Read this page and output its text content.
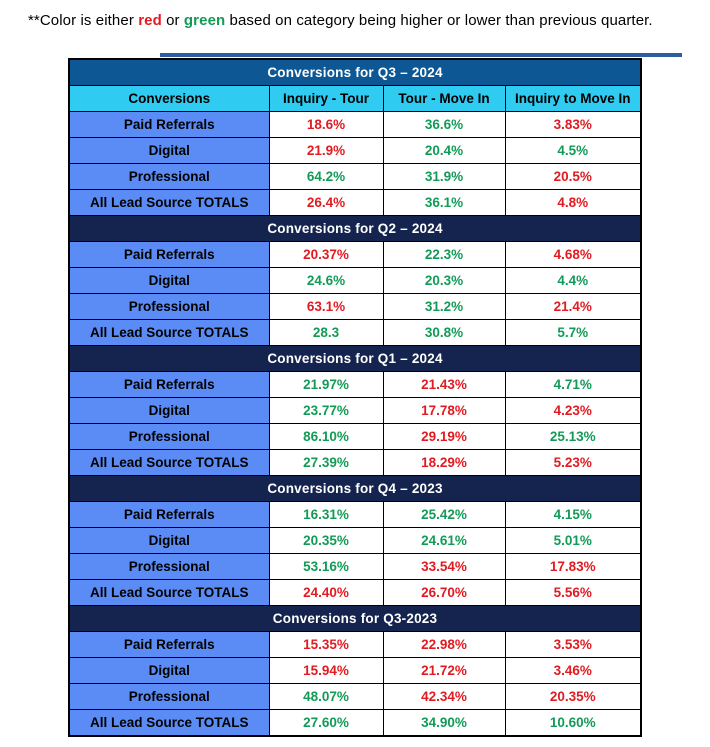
**Color is either red or green based on category being higher or lower than previous quarter.
Conversions for Q3 – 2024			
Conversions	Inquiry - Tour	Tour - Move In	Inquiry to Move In
Paid Referrals	18.6%	36.6%	3.83%
Digital	21.9%	20.4%	4.5%
Professional	64.2%	31.9%	20.5%
All Lead Source TOTALS	26.4%	36.1%	4.8%
Conversions for Q2 – 2024			
Paid Referrals	20.37%	22.3%	4.68%
Digital	24.6%	20.3%	4.4%
Professional	63.1%	31.2%	21.4%
All Lead Source TOTALS	28.3	30.8%	5.7%
Conversions for Q1 – 2024			
Paid Referrals	21.97%	21.43%	4.71%
Digital	23.77%	17.78%	4.23%
Professional	86.10%	29.19%	25.13%
All Lead Source TOTALS	27.39%	18.29%	5.23%
Conversions for Q4 – 2023			
Paid Referrals	16.31%	25.42%	4.15%
Digital	20.35%	24.61%	5.01%
Professional	53.16%	33.54%	17.83%
All Lead Source TOTALS	24.40%	26.70%	5.56%
Conversions for Q3-2023			
Paid Referrals	15.35%	22.98%	3.53%
Digital	15.94%	21.72%	3.46%
Professional	48.07%	42.34%	20.35%
All Lead Source TOTALS	27.60%	34.90%	10.60%
